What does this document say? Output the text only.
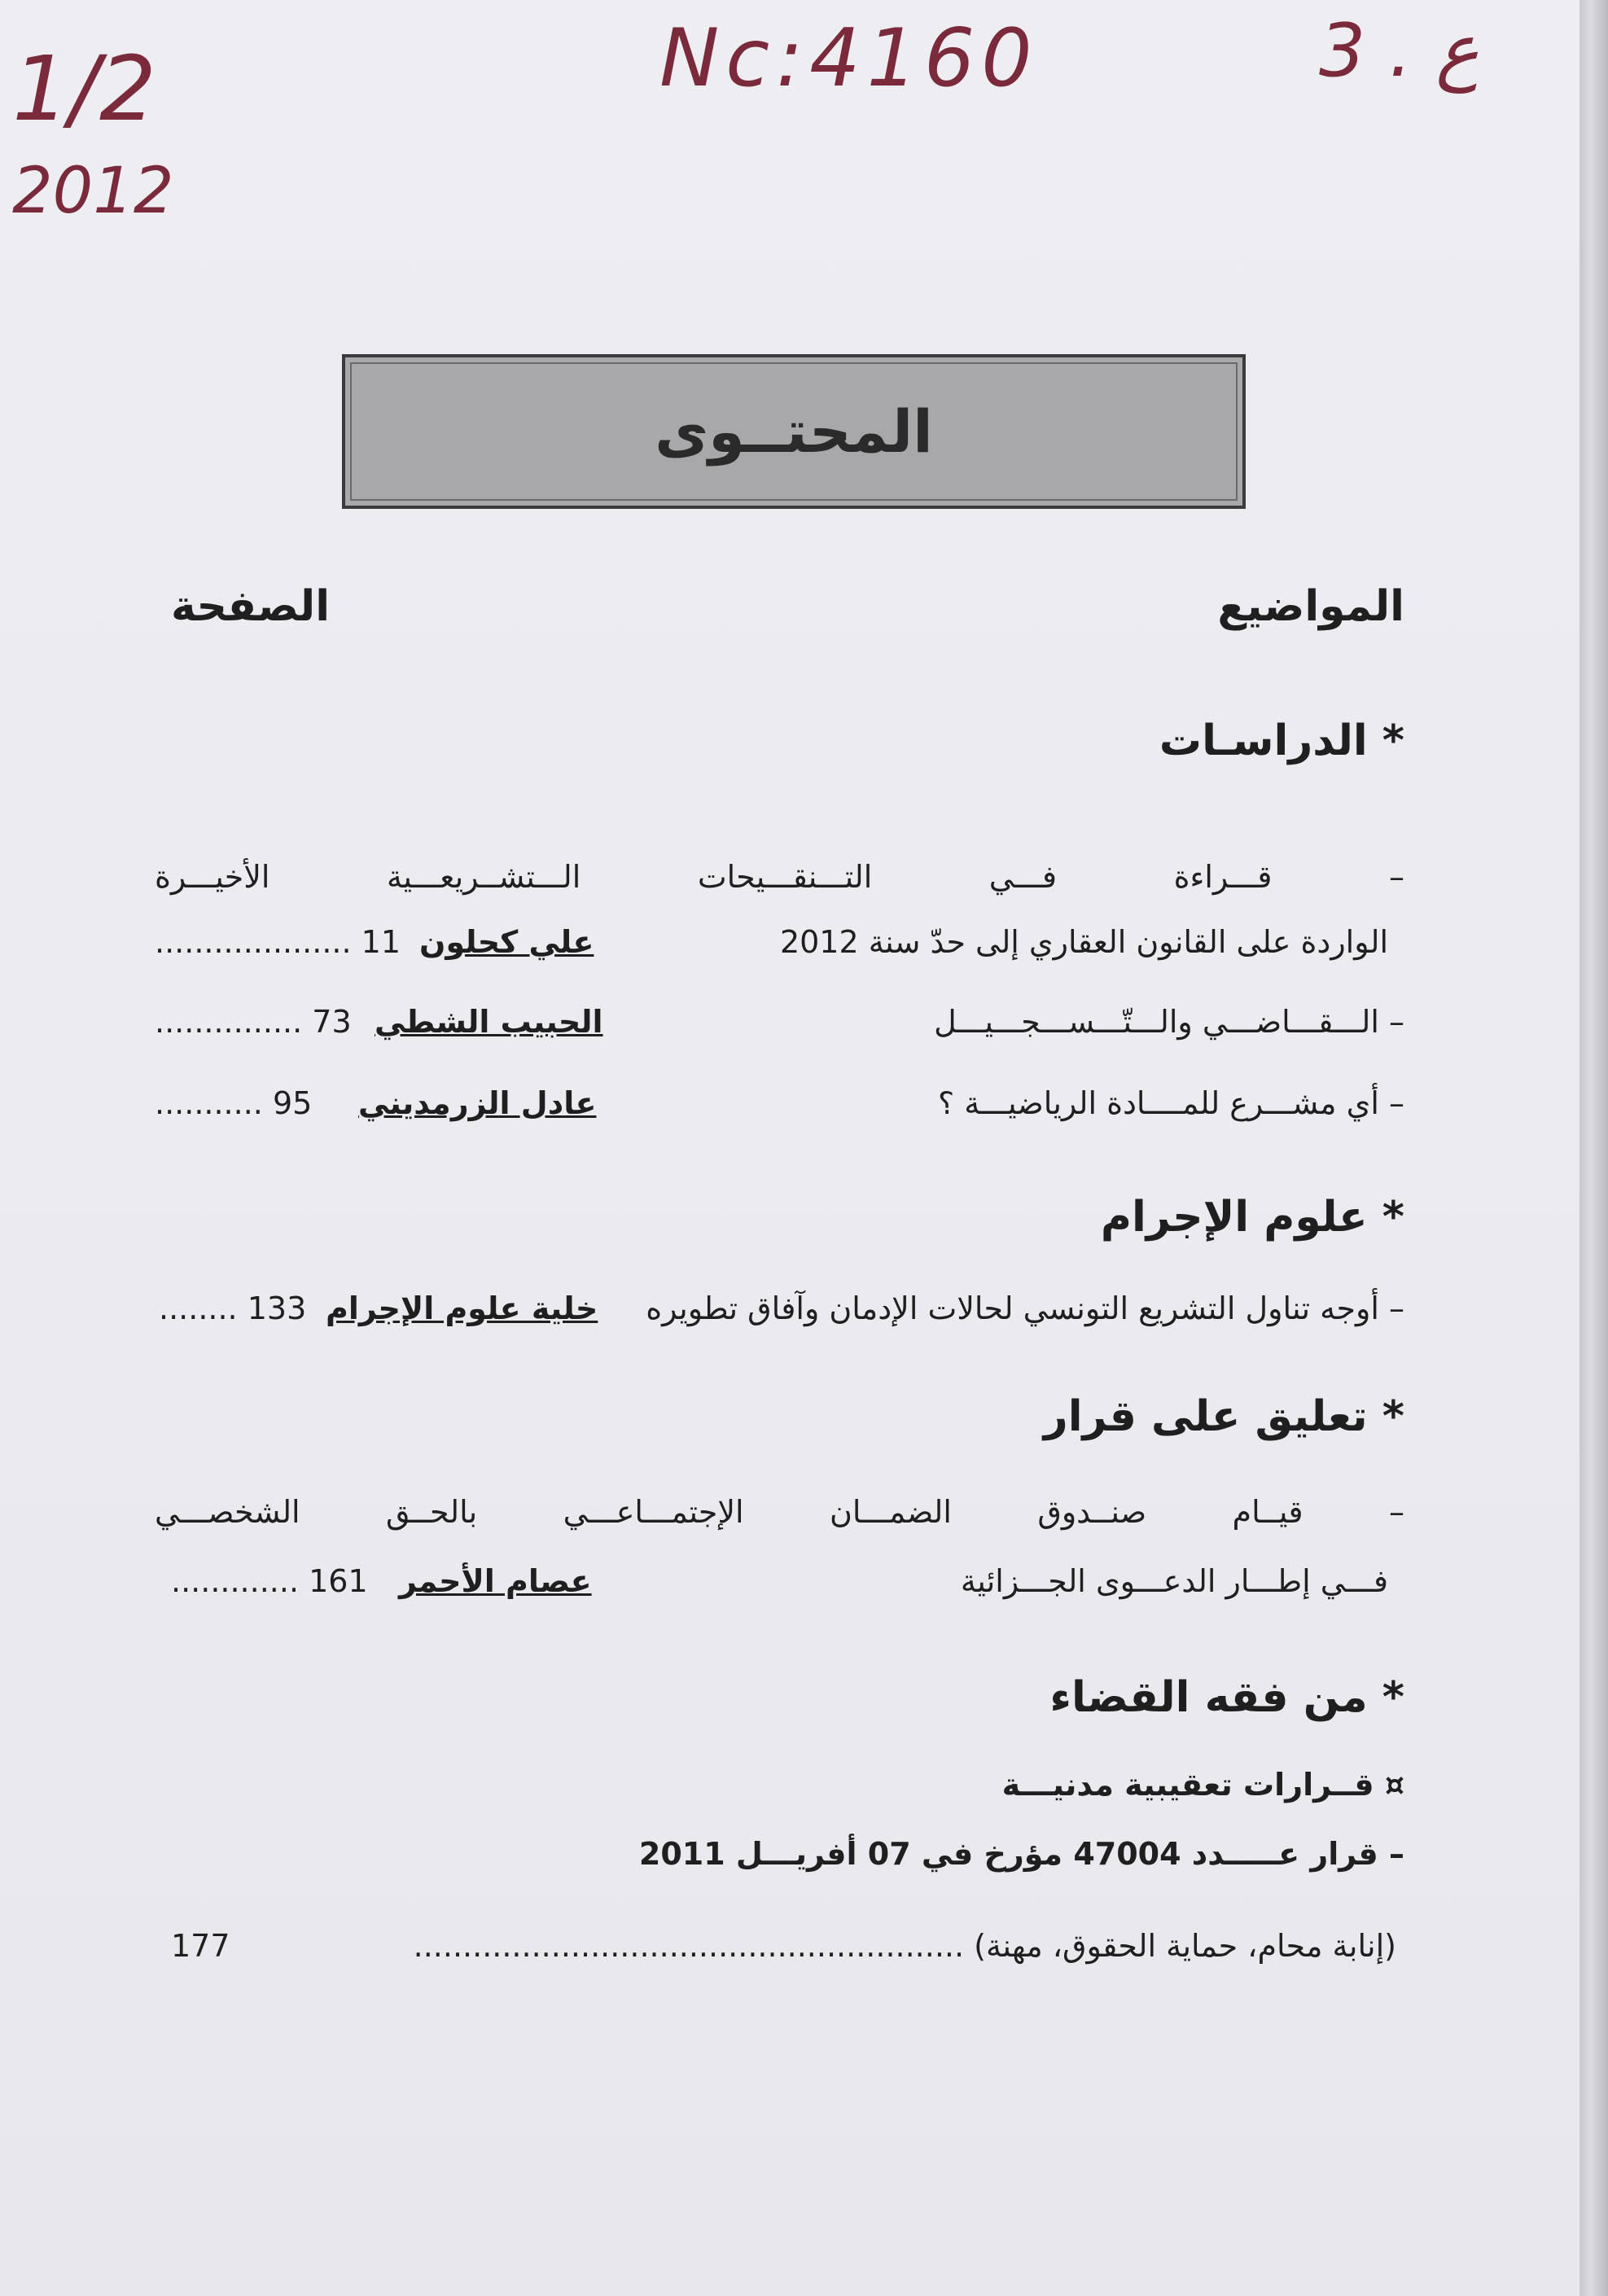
1/2
2012
Nc:4160	3 . ع
المحتــوى
المواضيع
الصفحة
* الدراسـات
– قـــراءة فـــي التـــنقـــيحات الـــتشــريعـــية الأخيـــرة
الواردة على القانون العقاري إلى حدّ سنة 2012
علي كحلون
11 ....................
– الـــقـــاضـــي والـــتّـــســـجـــيـــل
الحبيب الشطي
73 ...............
– أي مشـــرع للمــــادة الرياضيـــة ؟
عادل الزرمديني
95 ...........
* علوم الإجرام
– أوجه تناول التشريع التونسي لحالات الإدمان وآفاق تطويره
خلية علوم الإجرام
133 ........
* تعليق على قرار
– قيــام صنــدوق الضمـــان الإجتمـــاعـــي بالحــق الشخصـــي
فـــي إطـــار الدعـــوى الجـــزائية
عصام الأحمر
161 .............
* من فقه القضاء
¤ قــرارات تعقيبية مدنيـــة
– قرار عـــــدد 47004 مؤرخ في 07 أفريـــل 2011
(إنابة محام، حماية الحقوق، مهنة) ........................................................
177
